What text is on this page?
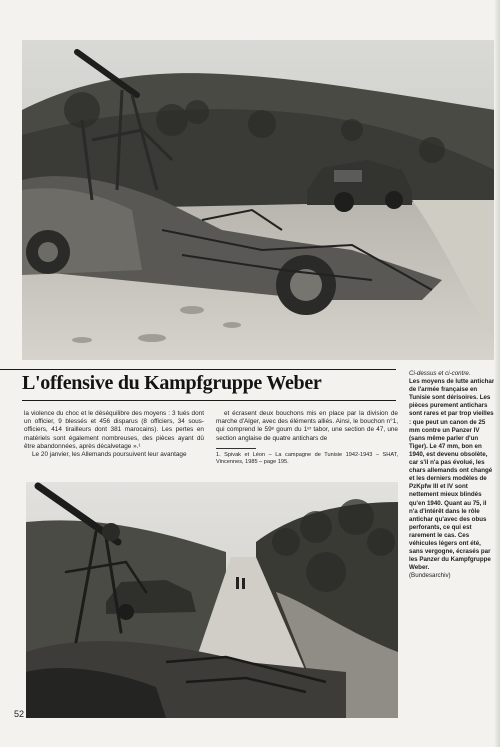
L'offensive du Kampfgruppe Weber

la violence du choc et le déséquilibre des moyens : 3 tués dont un officier, 9 blessés et 456 disparus (8 officiers, 34 sous-officiers, 414 tirailleurs dont 381 marocains). Les pertes en matériels sont également nombreuses, des pièces ayant dû être abandonnées, après décalvetage ».¹

Le 20 janvier, les Allemands poursuivent leur avantage

et écrasent deux bouchons mis en place par la division de marche d'Alger, avec des éléments alliés. Ainsi, le bouchon n°1, qui comprend le 59ᵉ goum du 1ᵉʳ tabor, une section de 47, une section anglaise de quatre antichars de

1. Spivak et Léon – La campagne de Tunisie 1942-1943 – SHAT, Vincennes, 1985 – page 195.

Ci-dessus et ci-contre.
Les moyens de lutte antichar de l'armée française en Tunisie sont dérisoires. Les pièces purement antichars sont rares et par trop vieilles : que peut un canon de 25 mm contre un Panzer IV (sans même parler d'un Tiger). Le 47 mm, bon en 1940, est devenu obsolète, car s'il n'a pas évolué, les chars allemands ont changé et les derniers modèles de PzKpfw III et IV sont nettement mieux blindés qu'en 1940. Quant au 75, il n'a d'intérêt dans le rôle antichar qu'avec des obus perforants, ce qui est rarement le cas. Ces véhicules légers ont été, sans vergogne, écrasés par les Panzer du Kampfgruppe Weber.
(Bundesarchiv)
52
